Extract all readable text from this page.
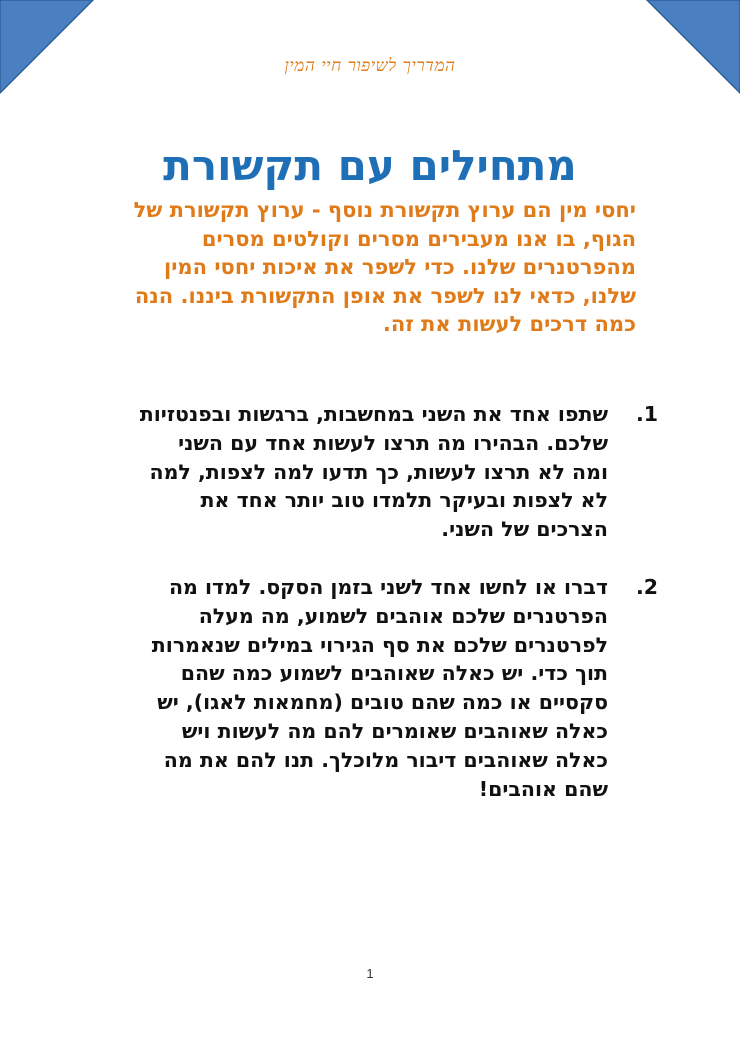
המדריך לשיפור חיי המין
מתחילים עם תקשורת

יחסי מין הם ערוץ תקשורת נוסף - ערוץ תקשורת של הגוף, בו אנו מעבירים מסרים וקולטים מסרים מהפרטנרים שלנו. כדי לשפר את איכות יחסי המין שלנו, כדאי לנו לשפר את אופן התקשורת ביננו. הנה כמה דרכים לעשות את זה.

1.
שתפו אחד את השני במחשבות, ברגשות ובפנטזיות שלכם. הבהירו מה תרצו לעשות אחד עם השני ומה לא תרצו לעשות, כך תדעו למה לצפות, למה לא לצפות ובעיקר תלמדו טוב יותר אחד את הצרכים של השני.
2.
דברו או לחשו אחד לשני בזמן הסקס. למדו מה הפרטנרים שלכם אוהבים לשמוע, מה מעלה לפרטנרים שלכם את סף הגירוי במילים שנאמרות תוך כדי. יש כאלה שאוהבים לשמוע כמה שהם סקסיים או כמה שהם טובים (מחמאות לאגו), יש כאלה שאוהבים שאומרים להם מה לעשות ויש כאלה שאוהבים דיבור מלוכלך. תנו להם את מה שהם אוהבים!
1
